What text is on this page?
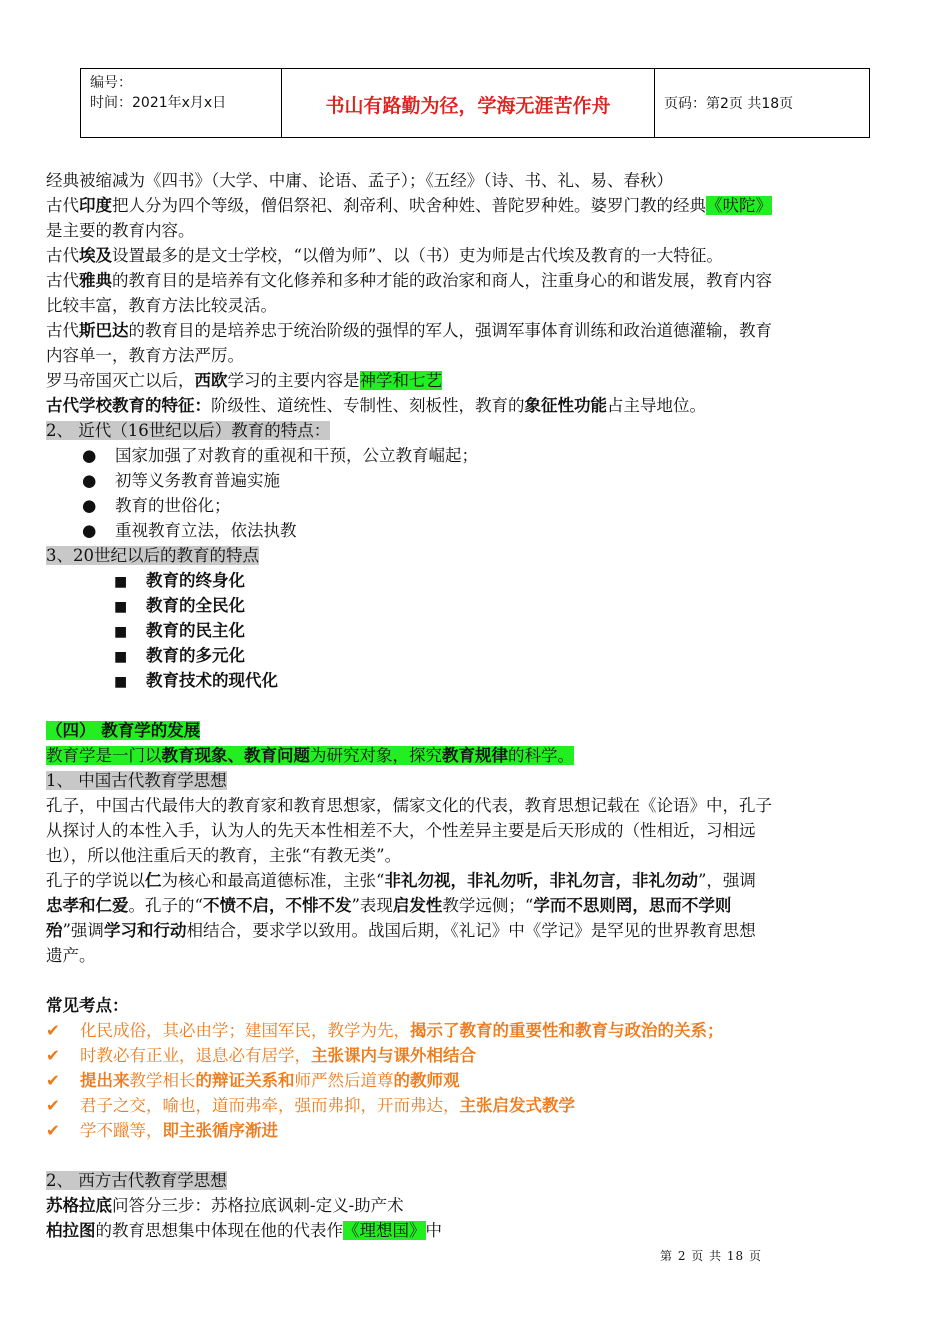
编号：
时间：2021年x月x日	书山有路勤为径，学海无涯苦作舟	页码：第2页 共18页
经典被缩减为《四书》（大学、中庸、论语、孟子）；《五经》（诗、书、礼、易、春秋）
古代印度把人分为四个等级，僧侣祭祀、刹帝利、吠舍种姓、普陀罗种姓。婆罗门教的经典《吠陀》
是主要的教育内容。
古代埃及设置最多的是文士学校，“以僧为师”、以（书）吏为师是古代埃及教育的一大特征。
古代雅典的教育目的是培养有文化修养和多种才能的政治家和商人，注重身心的和谐发展，教育内容
比较丰富，教育方法比较灵活。
古代斯巴达的教育目的是培养忠于统治阶级的强悍的军人，强调军事体育训练和政治道德灌输，教育
内容单一，教育方法严厉。
罗马帝国灭亡以后，西欧学习的主要内容是神学和七艺
古代学校教育的特征：阶级性、道统性、专制性、刻板性，教育的象征性功能占主导地位。
2、 近代（16世纪以后）教育的特点：
● 国家加强了对教育的重视和干预，公立教育崛起；
● 初等义务教育普遍实施
● 教育的世俗化；
● 重视教育立法，依法执教
3、20世纪以后的教育的特点
■ 教育的终身化
■ 教育的全民化
■ 教育的民主化
■ 教育的多元化
■ 教育技术的现代化
（四） 教育学的发展
教育学是一门以教育现象、教育问题为研究对象，探究教育规律的科学。
1、 中国古代教育学思想
孔子，中国古代最伟大的教育家和教育思想家，儒家文化的代表，教育思想记载在《论语》中，孔子
从探讨人的本性入手，认为人的先天本性相差不大，个性差异主要是后天形成的（性相近，习相远
也），所以他注重后天的教育，主张“有教无类”。
孔子的学说以仁为核心和最高道德标准，主张“非礼勿视，非礼勿听，非礼勿言，非礼勿动”，强调
忠孝和仁爱。孔子的“不愤不启，不悱不发”表现启发性教学远侧；“学而不思则罔，思而不学则
殆”强调学习和行动相结合，要求学以致用。战国后期，《礼记》中《学记》是罕见的世界教育思想
遗产。
常见考点：
✔ 化民成俗，其必由学；建国军民，教学为先，揭示了教育的重要性和教育与政治的关系；
✔ 时教必有正业，退息必有居学，主张课内与课外相结合
✔ 提出来教学相长的辩证关系和师严然后道尊的教师观
✔ 君子之交，喻也，道而弗牵，强而弗抑，开而弗达，主张启发式教学
✔ 学不躐等，即主张循序渐进
2、 西方古代教育学思想
苏格拉底问答分三步：苏格拉底讽刺-定义-助产术
柏拉图的教育思想集中体现在他的代表作《理想国》中
第 2 页 共 18 页
